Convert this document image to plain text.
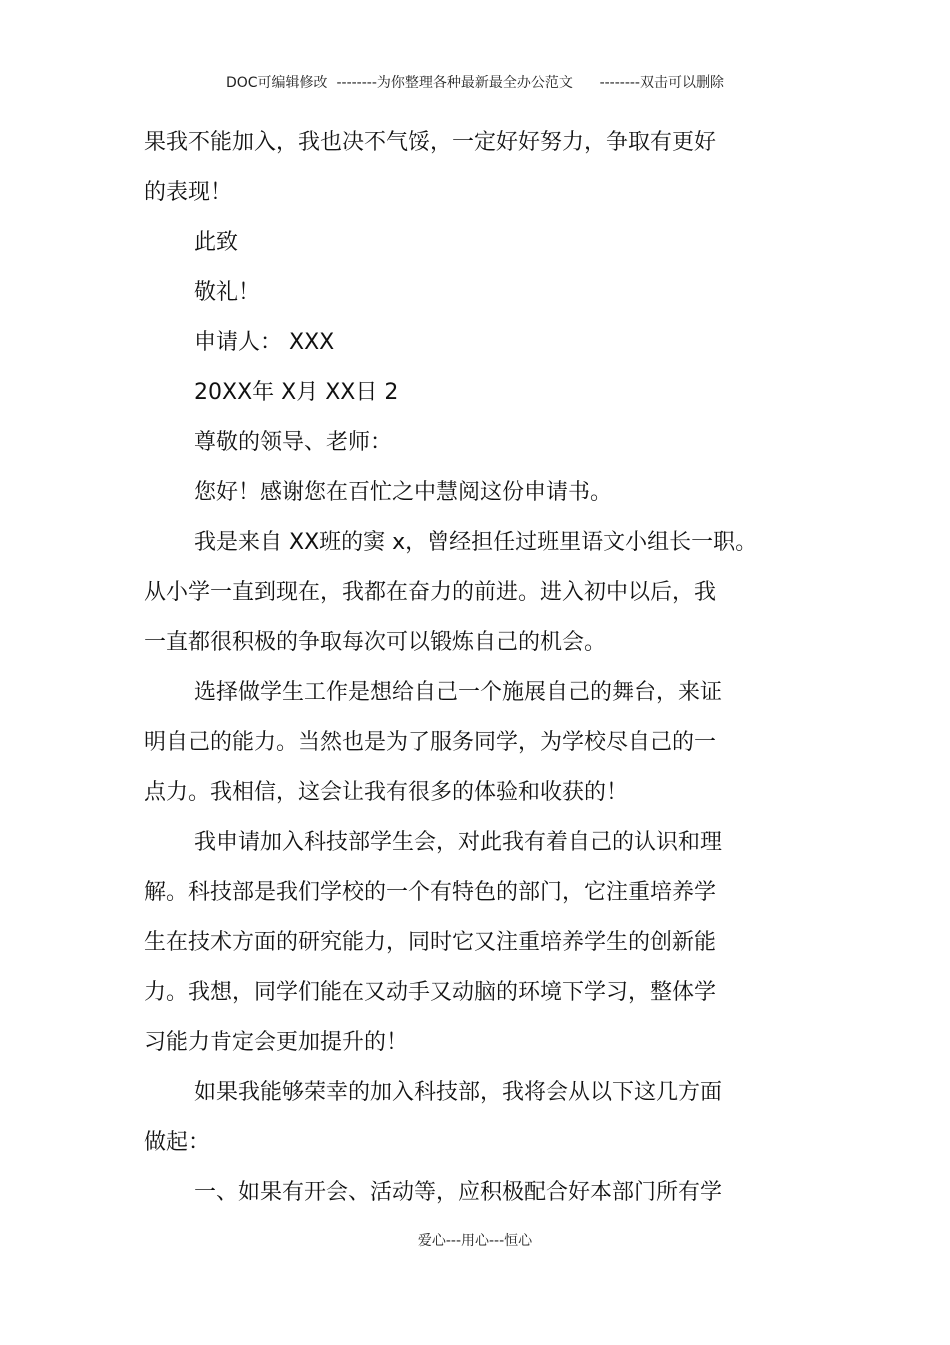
DOC可编辑修改  --------为你整理各种最新最全办公范文      --------双击可以删除
果我不能加入，我也决不气馁，一定好好努力，争取有更好
的表现！
此致
敬礼！
申请人： XXX
20XX年 X月 XX日 2
尊敬的领导、老师：
您好！感谢您在百忙之中慧阅这份申请书。
我是来自 XX班的窦 x，曾经担任过班里语文小组长一职。
从小学一直到现在，我都在奋力的前进。进入初中以后，我
一直都很积极的争取每次可以锻炼自己的机会。
选择做学生工作是想给自己一个施展自己的舞台，来证
明自己的能力。当然也是为了服务同学，为学校尽自己的一
点力。我相信，这会让我有很多的体验和收获的！
我申请加入科技部学生会，对此我有着自己的认识和理
解。科技部是我们学校的一个有特色的部门，它注重培养学
生在技术方面的研究能力，同时它又注重培养学生的创新能
力。我想，同学们能在又动手又动脑的环境下学习，整体学
习能力肯定会更加提升的！
如果我能够荣幸的加入科技部，我将会从以下这几方面
做起：
一、如果有开会、活动等，应积极配合好本部门所有学
爱心---用心---恒心
